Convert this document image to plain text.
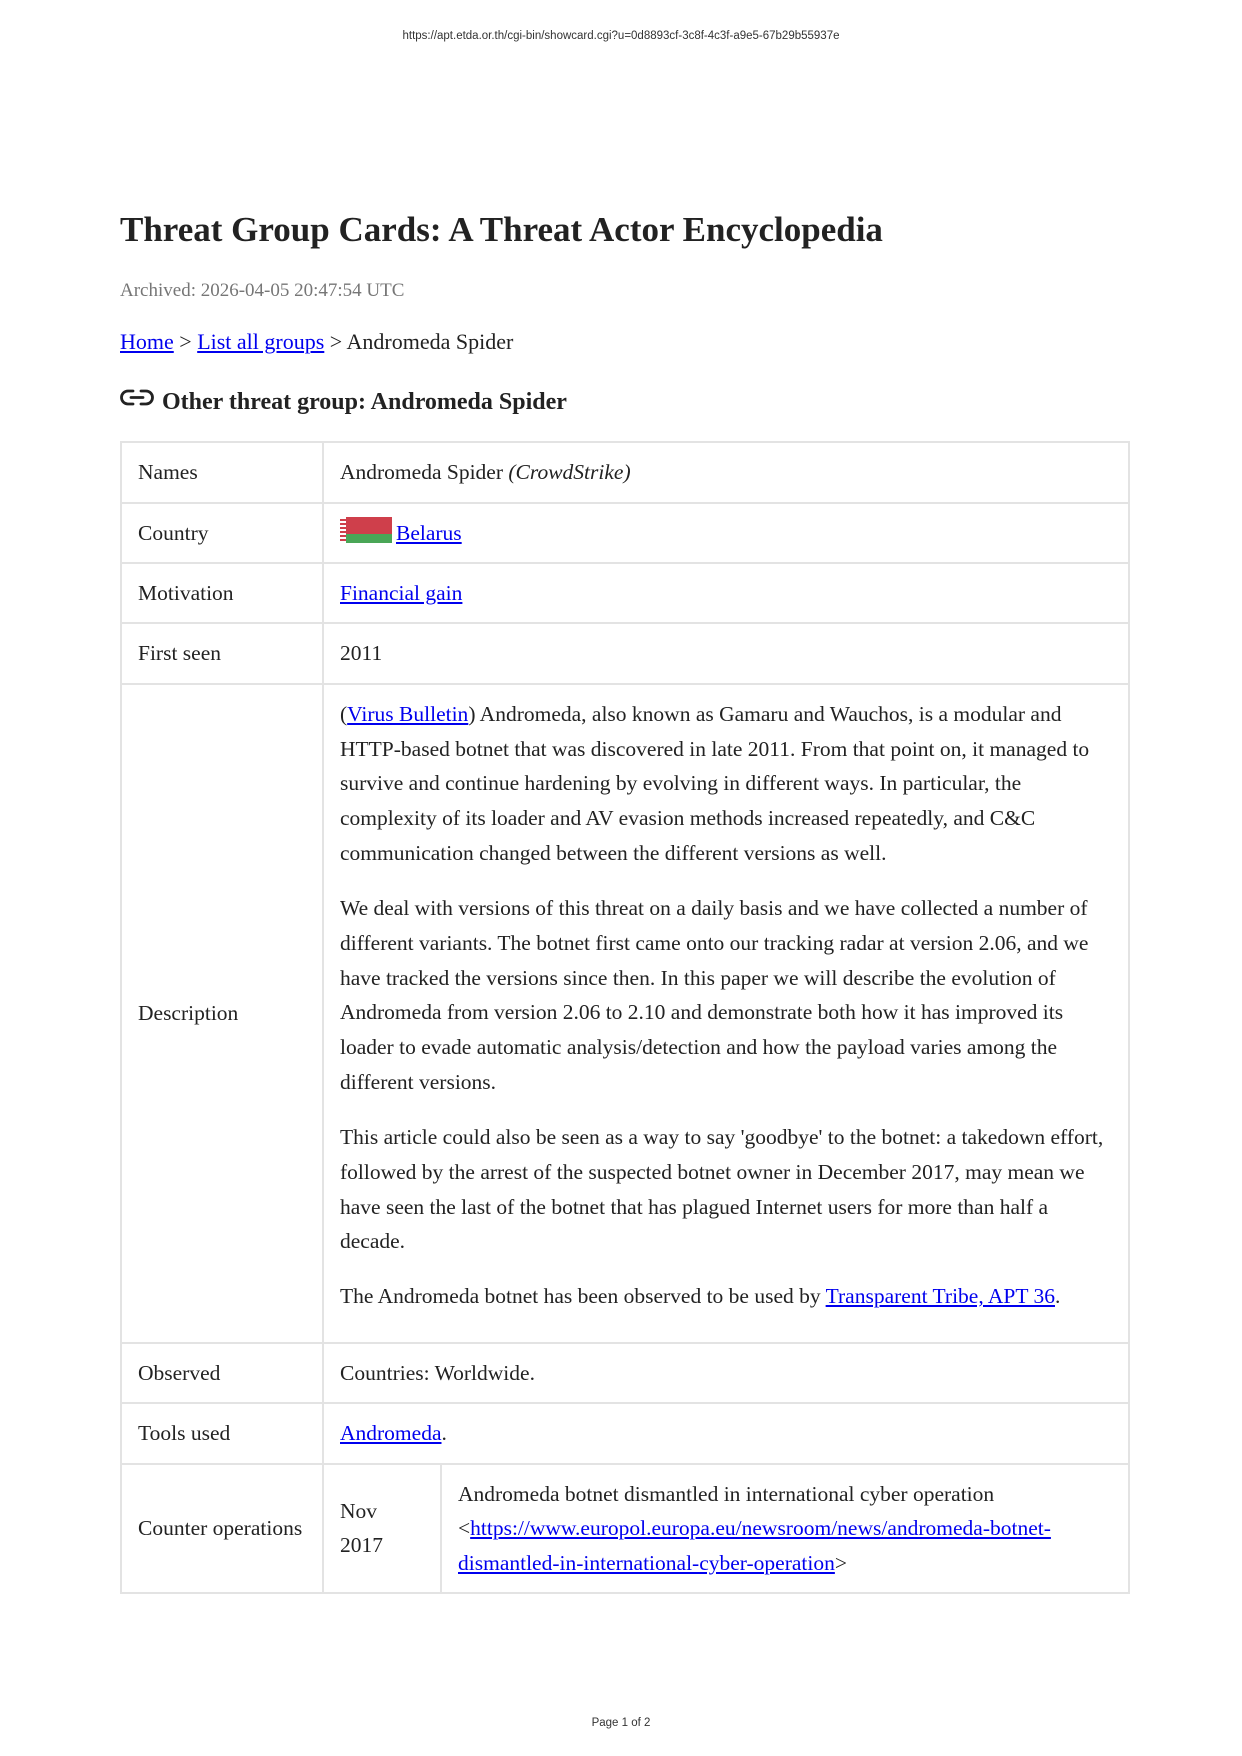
https://apt.etda.or.th/cgi-bin/showcard.cgi?u=0d8893cf-3c8f-4c3f-a9e5-67b29b55937e
Threat Group Cards: A Threat Actor Encyclopedia
Archived: 2026-04-05 20:47:54 UTC
Home > List all groups > Andromeda Spider
Other threat group: Andromeda Spider
Names	Andromeda Spider (CrowdStrike)	
Country	Belarus	
Motivation	Financial gain	
First seen	2011	
Description	(Virus Bulletin) Andromeda, also known as Gamaru and Wauchos, is a modular and HTTP-based botnet that was discovered in late 2011. From that point on, it managed to survive and continue hardening by evolving in different ways. In particular, the complexity of its loader and AV evasion methods increased repeatedly, and C&C communication changed between the different versions as well.

We deal with versions of this threat on a daily basis and we have collected a number of different variants. The botnet first came onto our tracking radar at version 2.06, and we have tracked the versions since then. In this paper we will describe the evolution of Andromeda from version 2.06 to 2.10 and demonstrate both how it has improved its loader to evade automatic analysis/detection and how the payload varies among the different versions.

This article could also be seen as a way to say 'goodbye' to the botnet: a takedown effort, followed by the arrest of the suspected botnet owner in December 2017, may mean we have seen the last of the botnet that has plagued Internet users for more than half a decade.

The Andromeda botnet has been observed to be used by Transparent Tribe, APT 36.	

Observed	Countries: Worldwide.	
Tools used	Andromeda.	
Counter operations	Nov 2017	Andromeda botnet dismantled in international cyber operation
<https://www.europol.europa.eu/newsroom/news/andromeda-botnet-dismantled-in-international-cyber-operation>
Page 1 of 2
